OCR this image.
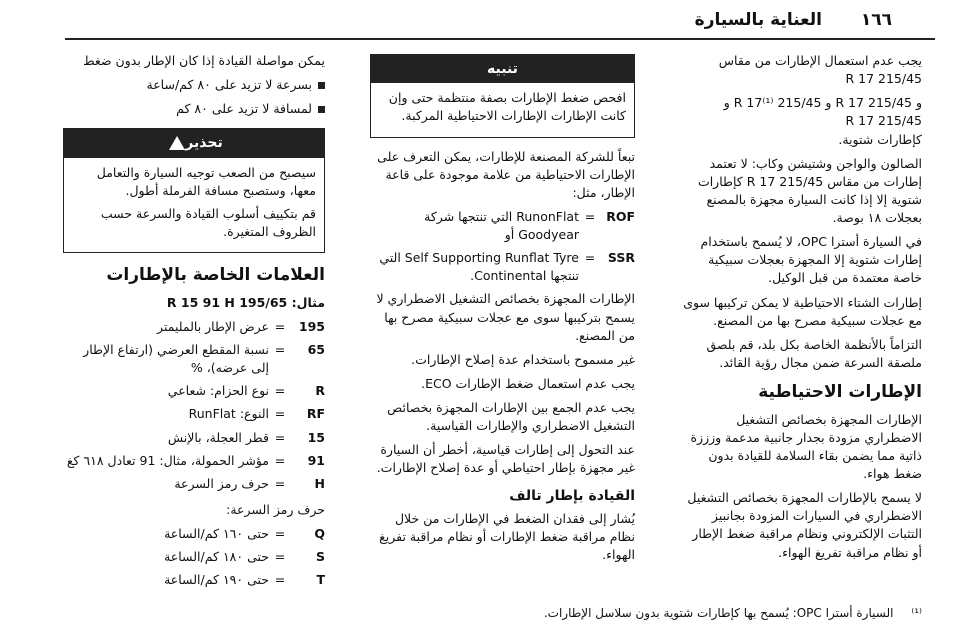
١٦٦
العناية بالسيارة

يجب عدم استعمال الإطارات من مقاس 215/45 R 17

و 215/45 R 17 و 215/45 R 17⁽¹⁾ و 215/45 R 17

كإطارات شتوية.

الصالون والواجن وشتيشن وكاب: لا تعتمد إطارات من مقاس 215/45 R 17 كإطارات شتوية إلا إذا كانت السيارة مجهزة بالمصنع بعجلات ١٨ بوصة.

في السيارة أسترا OPC، لا يُسمح باستخدام إطارات شتوية إلا المجهزة بعجلات سبيكية خاصة معتمدة من قبل الوكيل.

إطارات الشتاء الاحتياطية لا يمكن تركيبها سوى مع عجلات سبيكية مصرح بها من المصنع.

التزاماً بالأنظمة الخاصة بكل بلد، قم بلصق ملصقة السرعة ضمن مجال رؤية القائد.

الإطارات الاحتياطية

الإطارات المجهزة بخصائص التشغيل الاضطراري مزودة بجدار جانبية مدعمة وزززة ذاتية مما يضمن بقاء السلامة للقيادة بدون ضغط هواء.

لا يسمح بالإطارات المجهزة بخصائص التشغيل الاضطراري في السيارات المزودة بجانبيز التثبات الإلكتروني ونظام مراقبة ضغط الإطار أو نظام مراقبة تفريغ الهواء.

تنبيه

افحص ضغط الإطارات بصفة منتظمة حتى وإن كانت الإطارات الإطارات الاحتياطية المركبة.

تبعاً للشركة المصنعة للإطارات، يمكن التعرف على الإطارات الاحتياطية من علامة موجودة على قاعة الإطار، مثل:

ROF
=
RunonFlat التي تنتجها شركة Goodyear أو
SSR
=
Self Supporting Runflat Tyre التي تنتجها Continental.

الإطارات المجهزة بخصائص التشغيل الاضطراري لا يسمح بتركيبها سوى مع عجلات سبيكية مصرح بها من المصنع.

غير مسموح باستخدام عدة إصلاح الإطارات.

يجب عدم استعمال ضغط الإطارات ECO.

يجب عدم الجمع بين الإطارات المجهزة بخصائص التشغيل الاضطراري والإطارات القياسية.

عند التحول إلى إطارات قياسية، أخطر أن السيارة غير مجهزة بإطار احتياطي أو عدة إصلاح الإطارات.

القيادة بإطار تالف

يُشار إلى فقدان الضغط في الإطارات من خلال نظام مراقبة ضغط الإطارات أو نظام مراقبة تفريغ الهواء.

يمكن مواصلة القيادة إذا كان الإطار بدون ضغط

بسرعة لا تزيد على ٨٠ كم/ساعة
لمسافة لا تزيد على ٨٠ كم
تحذير

سيصبح من الصعب توجيه السيارة والتعامل معها، وستصبح مسافة الفرملة أطول.

قم بتكييف أسلوب القيادة والسرعة حسب الظروف المتغيرة.

العلامات الخاصة بالإطارات

مثال: 195/65 R 15 91 H

195
=
عرض الإطار بالمليمتر
65
=
نسبة المقطع العرضي (ارتفاع الإطار إلى عرضه)، %
R
=
نوع الحزام: شعاعي
RF
=
النوع: RunFlat
15
=
قطر العجلة، بالإنش
91
=
مؤشر الحمولة، مثال: 91 تعادل ٦١٨ كغ
H
=
حرف رمز السرعة

حرف رمز السرعة:

Q
=
حتى ١٦٠ كم/الساعة
S
=
حتى ١٨٠ كم/الساعة
T
=
حتى ١٩٠ كم/الساعة
⁽¹⁾ السيارة أسترا OPC: يُسمح بها كإطارات شتوية بدون سلاسل الإطارات.
